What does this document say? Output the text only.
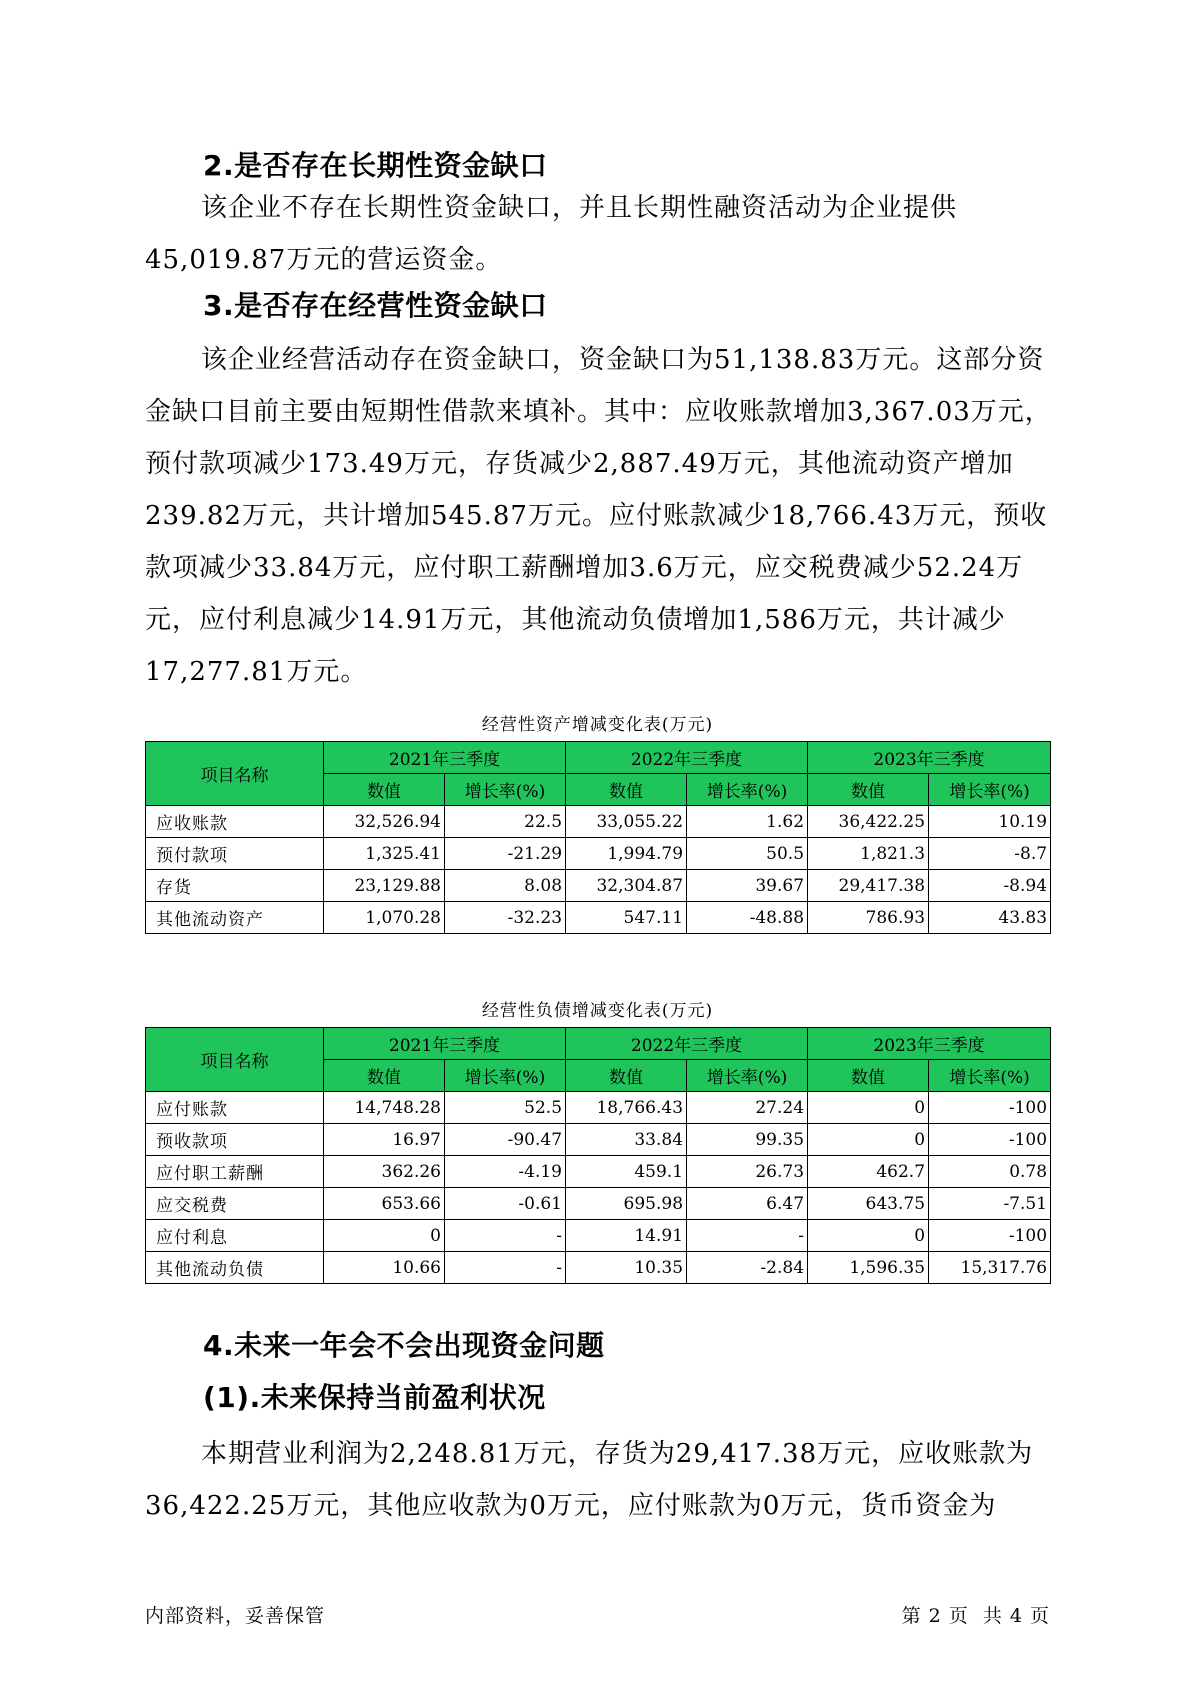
2.是否存在长期性资金缺口

该企业不存在长期性资金缺口，并且长期性融资活动为企业提供45,019.87万元的营运资金。

3.是否存在经营性资金缺口

该企业经营活动存在资金缺口，资金缺口为51,138.83万元。这部分资金缺口目前主要由短期性借款来填补。其中：应收账款增加3,367.03万元，预付款项减少173.49万元，存货减少2,887.49万元，其他流动资产增加239.82万元，共计增加545.87万元。应付账款减少18,766.43万元，预收款项减少33.84万元，应付职工薪酬增加3.6万元，应交税费减少52.24万元，应付利息减少14.91万元，其他流动负债增加1,586万元，共计减少17,277.81万元。

经营性资产增减变化表(万元)
项目名称	2021年三季度		2022年三季度		2023年三季度	
	数值	增长率(%)	数值	增长率(%)	数值	增长率(%)
应收账款	32,526.94	22.5	33,055.22	1.62	36,422.25	10.19
预付款项	1,325.41	-21.29	1,994.79	50.5	1,821.3	-8.7
存货	23,129.88	8.08	32,304.87	39.67	29,417.38	-8.94
其他流动资产	1,070.28	-32.23	547.11	-48.88	786.93	43.83
经营性负债增减变化表(万元)
项目名称	2021年三季度		2022年三季度		2023年三季度	
	数值	增长率(%)	数值	增长率(%)	数值	增长率(%)
应付账款	14,748.28	52.5	18,766.43	27.24	0	-100
预收款项	16.97	-90.47	33.84	99.35	0	-100
应付职工薪酬	362.26	-4.19	459.1	26.73	462.7	0.78
应交税费	653.66	-0.61	695.98	6.47	643.75	-7.51
应付利息	0	-	14.91	-	0	-100
其他流动负债	10.66	-	10.35	-2.84	1,596.35	15,317.76
4.未来一年会不会出现资金问题
(1).未来保持当前盈利状况

本期营业利润为2,248.81万元，存货为29,417.38万元，应收账款为36,422.25万元，其他应收款为0万元，应付账款为0万元，货币资金为

内部资料，妥善保管	第 2 页  共 4 页
